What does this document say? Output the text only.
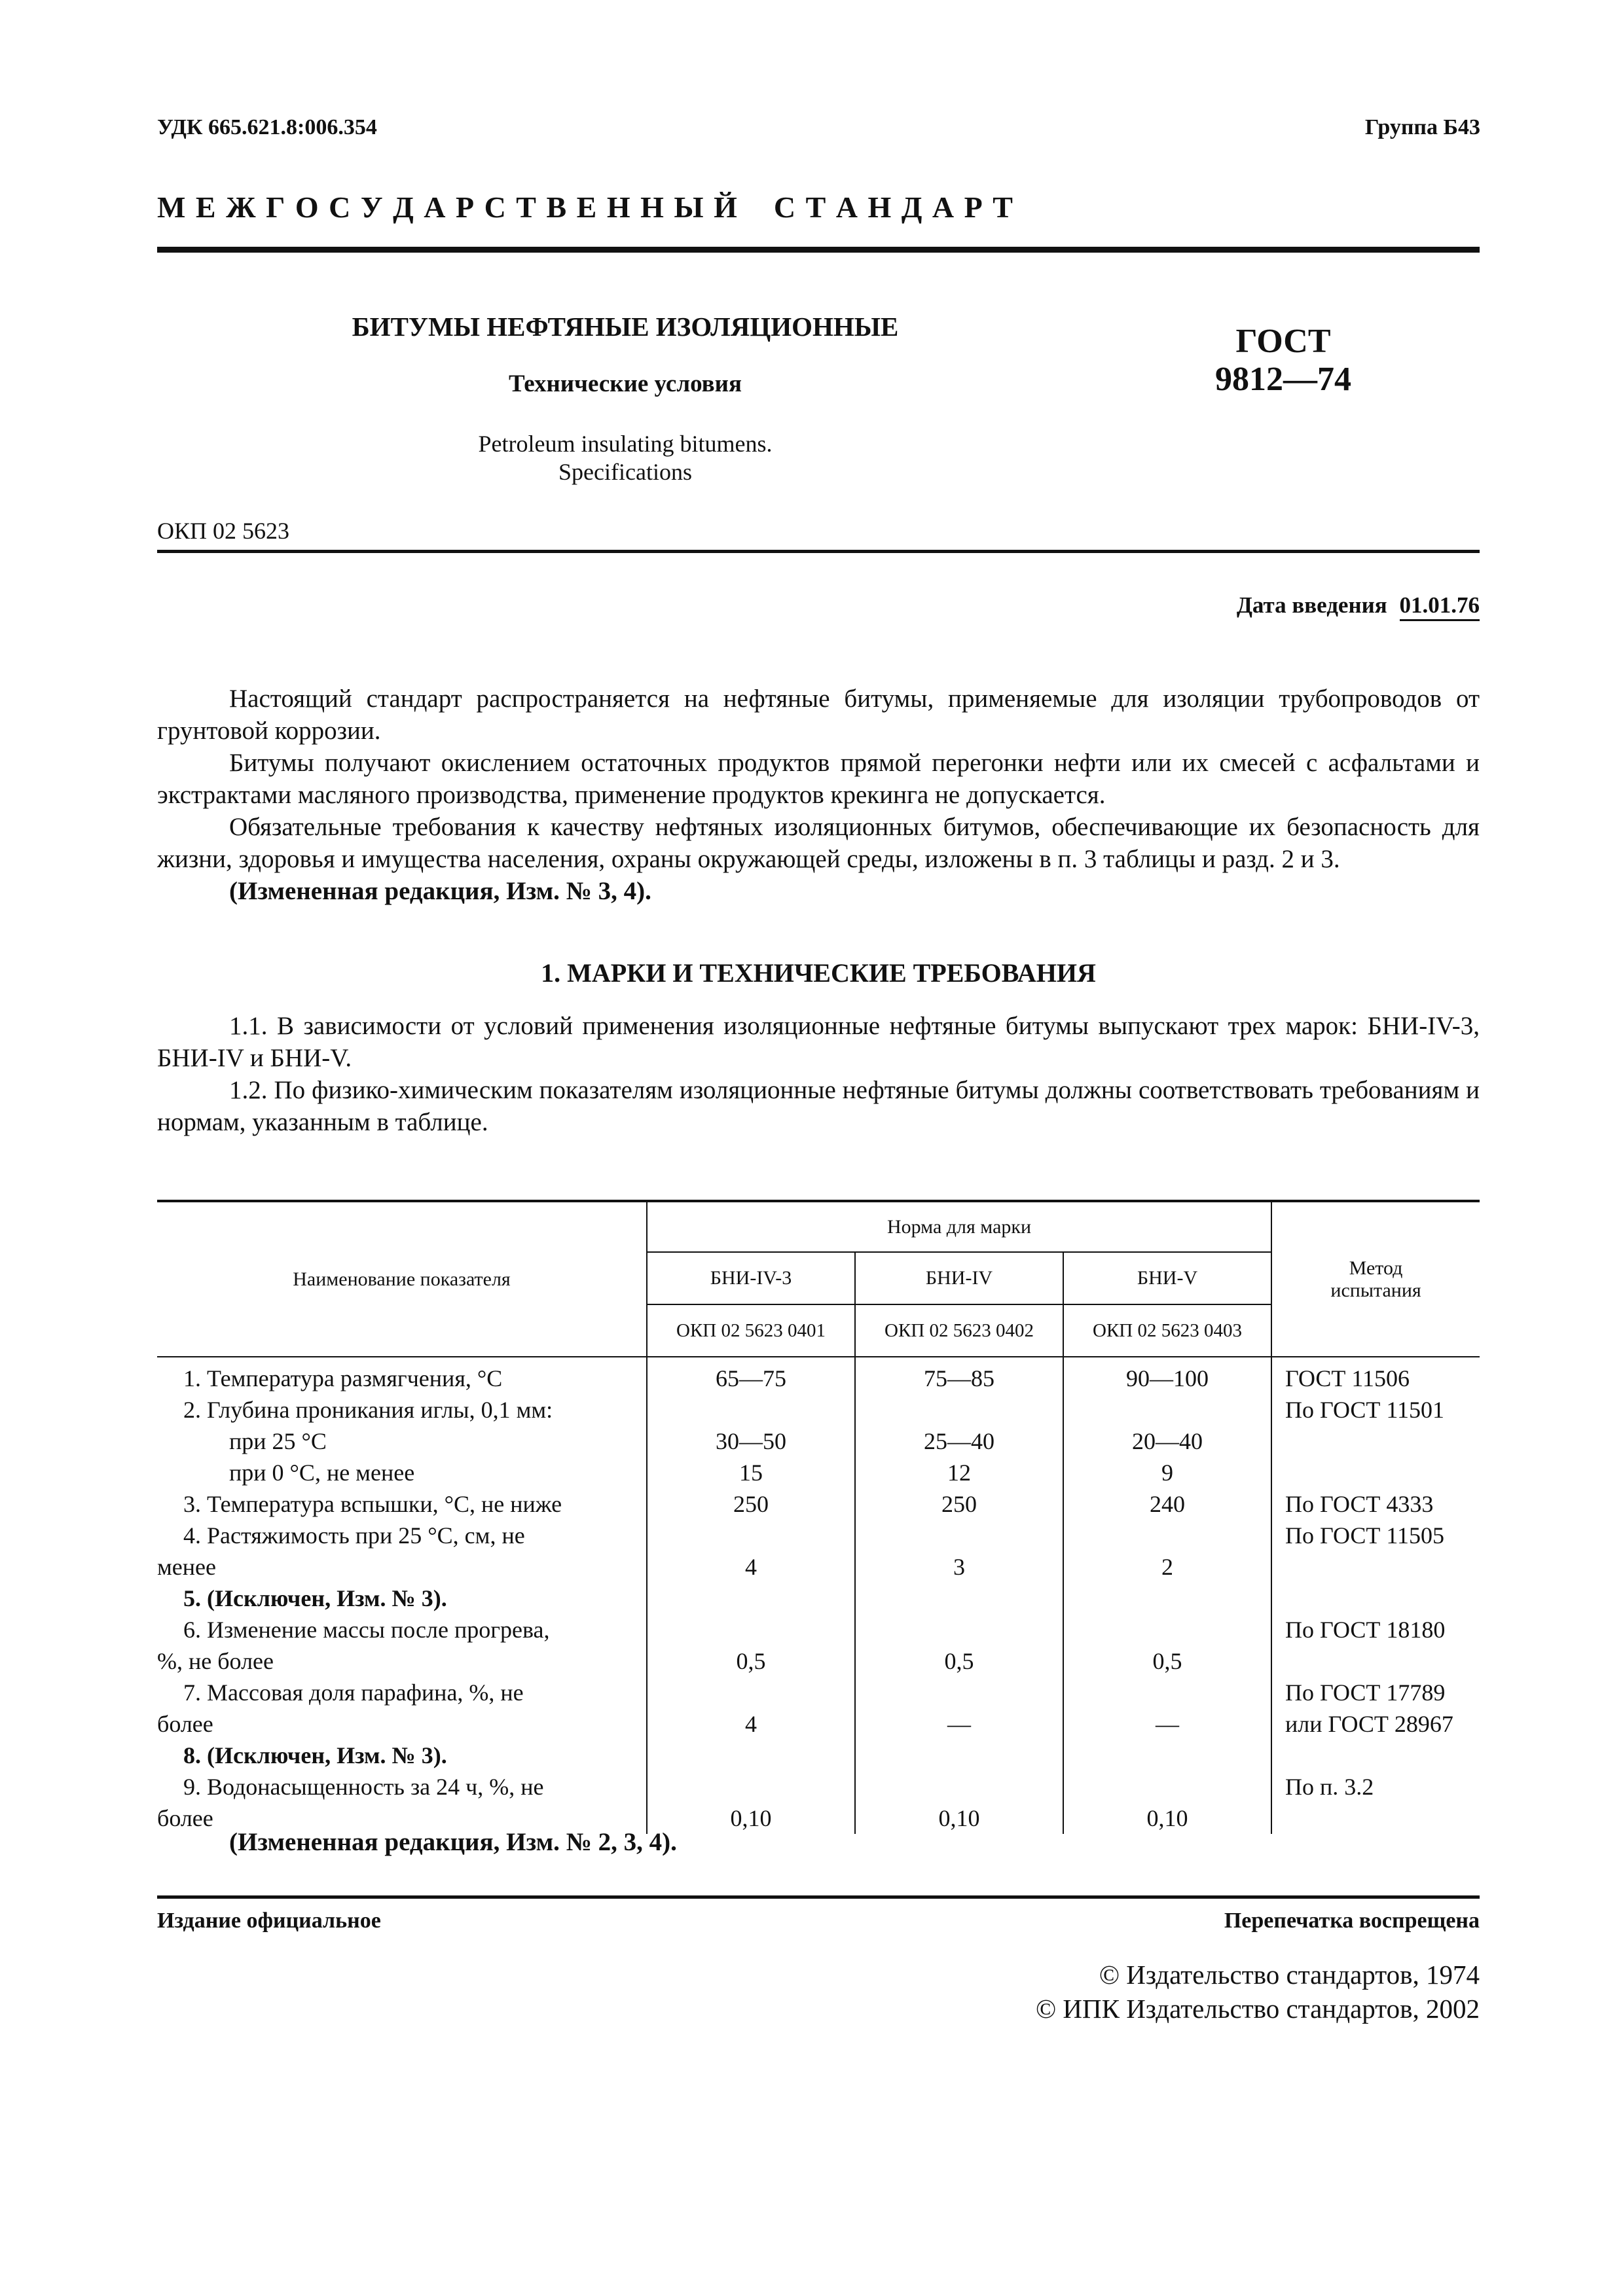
УДК 665.621.8:006.354	Группа Б43
М Е Ж Г О С У Д А Р С Т В Е Н Н Ы Й    С Т А Н Д А Р Т
БИТУМЫ НЕФТЯНЫЕ ИЗОЛЯЦИОННЫЕ
Технические условия
Petroleum insulating bitumens.
Specifications
ГОСТ
9812—74
ОКП 02 5623
Дата введения 01.01.76

Настоящий стандарт распространяется на нефтяные битумы, применяемые для изоляции трубопроводов от грунтовой коррозии.

Битумы получают окислением остаточных продуктов прямой перегонки нефти или их смесей с асфальтами и экстрактами масляного производства, применение продуктов крекинга не допускается.

Обязательные требования к качеству нефтяных изоляционных битумов, обеспечивающие их безопасность для жизни, здоровья и имущества населения, охраны окружающей среды, изложены в п. 3 таблицы и разд. 2 и 3.

(Измененная редакция, Изм. № 3, 4).

1. МАРКИ И ТЕХНИЧЕСКИЕ ТРЕБОВАНИЯ

1.1. В зависимости от условий применения изоляционные нефтяные битумы выпускают трех марок: БНИ-IV-3, БНИ-IV и БНИ-V.

1.2. По физико-химическим показателям изоляционные нефтяные битумы должны соответствовать требованиям и нормам, указанным в таблице.

Наименование показателя	Норма для марки			Метод испытания
	БНИ-IV-3	БНИ-IV	БНИ-V	
	ОКП 02 5623 0401	ОКП 02 5623 0402	ОКП 02 5623 0403	

1. Температура размягчения, °С	65—75	75—85	90—100	ГОСТ 11506
2. Глубина проникания иглы, 0,1 мм:				По ГОСТ 11501
при 25 °С	30—50	25—40	20—40	
при 0 °С, не менее	15	12	9	
3. Температура вспышки, °С, не ниже	250	250	240	По ГОСТ 4333
4. Растяжимость при 25 °С, см, не				По ГОСТ 11505
менее	4	3	2	
5. (Исключен, Изм. № 3).				
6. Изменение массы после прогрева,				По ГОСТ 18180
%, не более	0,5	0,5	0,5	
7. Массовая доля парафина, %, не				По ГОСТ 17789
более	4	—	—	или ГОСТ 28967
8. (Исключен, Изм. № 3).				
9. Водонасыщенность за 24 ч, %, не				По п. 3.2
более	0,10	0,10	0,10	
(Измененная редакция, Изм. № 2, 3, 4).
Издание официальное	Перепечатка воспрещена
© Издательство стандартов, 1974
© ИПК Издательство стандартов, 2002
